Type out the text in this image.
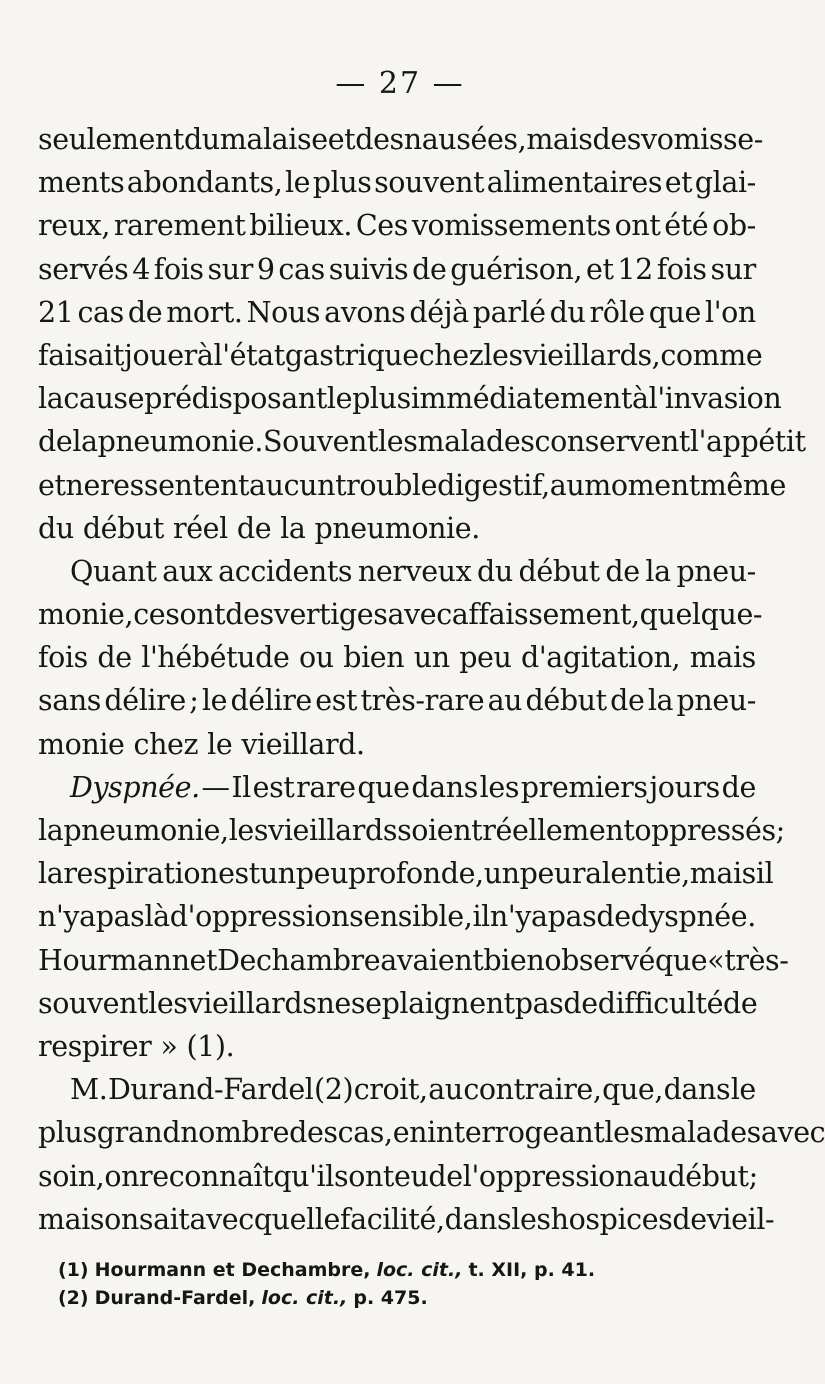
— 27 —
seulement du malaise et des nausées, mais des vomisse-
ments abondants, le plus souvent alimentaires et glai-
reux, rarement bilieux. Ces vomissements ont été ob-
servés 4 fois sur 9 cas suivis de guérison, et 12 fois sur
21 cas de mort. Nous avons déjà parlé du rôle que l'on
faisait jouer à l'état gastrique chez les vieillards, comme
la cause prédisposant le plus immédiatement à l'invasion
de la pneumonie. Souvent les malades conservent l'appétit
et ne ressentent aucun trouble digestif, au moment même
du début réel de la pneumonie.
Quant aux accidents nerveux du début de la pneu-
monie, ce sont des vertiges avec affaissement, quelque-
fois de l'hébétude ou bien un peu d'agitation, mais
sans délire ; le délire est très-rare au début de la pneu-
monie chez le vieillard.
Dyspnée. — Il est rare que dans les premiers jours de
la pneumonie, les vieillards soient réellement oppressés;
la respiration est un peu profonde, un peu ralentie, mais il
n'y a pas là d'oppression sensible, il n'y a pas de dyspnée.
Hourmann et Dechambre avaient bien observé que « très-
souvent les vieillards ne se plaignent pas de difficulté de
respirer » (1).
M. Durand-Fardel (2) croit, au contraire, que, dans le
plus grand nombre des cas, en interrogeant les malades avec
soin, on reconnaît qu'ils ont eu de l'oppression au début;
mais on sait avec quelle facilité, dans les hospices de vieil-
(1) Hourmann et Dechambre, loc. cit., t. XII, p. 41.
(2) Durand-Fardel, loc. cit., p. 475.
